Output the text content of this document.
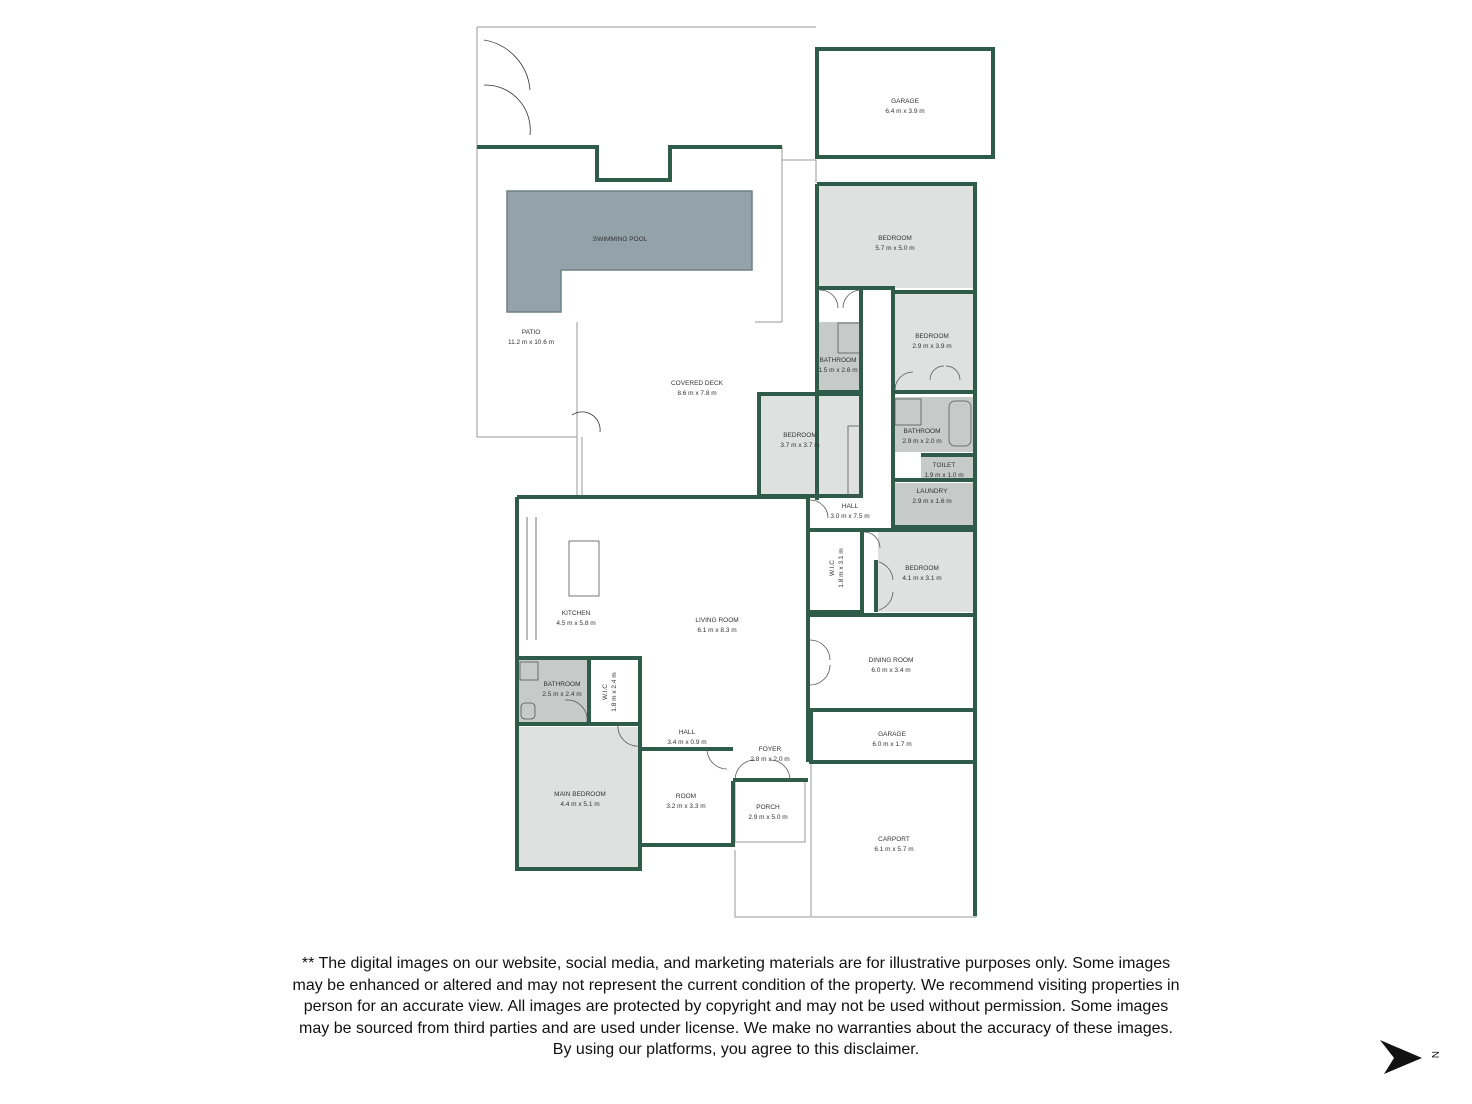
GARAGE
6.4 m x 3.9 m
SWIMMING POOL
PATIO
11.2 m x 10.6 m
COVERED DECK
8.6 m x 7.8 m
BEDROOM
5.7 m x 5.0 m
BEDROOM
2.9 m x 3.9 m
BATHROOM
1.5 m x 2.6 m
BEDROOM
3.7 m x 3.7 m
BATHROOM
2.9 m x 2.0 m
TOILET
1.9 m x 1.0 m
LAUNDRY
2.9 m x 1.6 m
HALL
3.0 m x 7.5 m
W.I.C 1.8 m x 3.1 m	BEDROOM
4.1 m x 3.1 m
KITCHEN
4.5 m x 5.8 m	LIVING ROOM
6.1 m x 8.3 m
DINING ROOM
6.0 m x 3.4 m
BATHROOM
2.5 m x 2.4 m	W.I.C 1.8 m x 2.4 m
HALL
3.4 m x 0.9 m
FOYER
2.8 m x 2.0 m
GARAGE
6.0 m x 1.7 m
MAIN BEDROOM
4.4 m x 5.1 m
ROOM
3.2 m x 3.3 m	PORCH
2.9 m x 5.0 m
CARPORT
6.1 m x 5.7 m

** The digital images on our website, social media, and marketing materials are for illustrative purposes only. Some images may be enhanced or altered and may not represent the current condition of the property. We recommend visiting properties in person for an accurate view. All images are protected by copyright and may not be used without permission. Some images may be sourced from third parties and are used under license. We make no warranties about the accuracy of these images. By using our platforms, you agree to this disclaimer.	N
